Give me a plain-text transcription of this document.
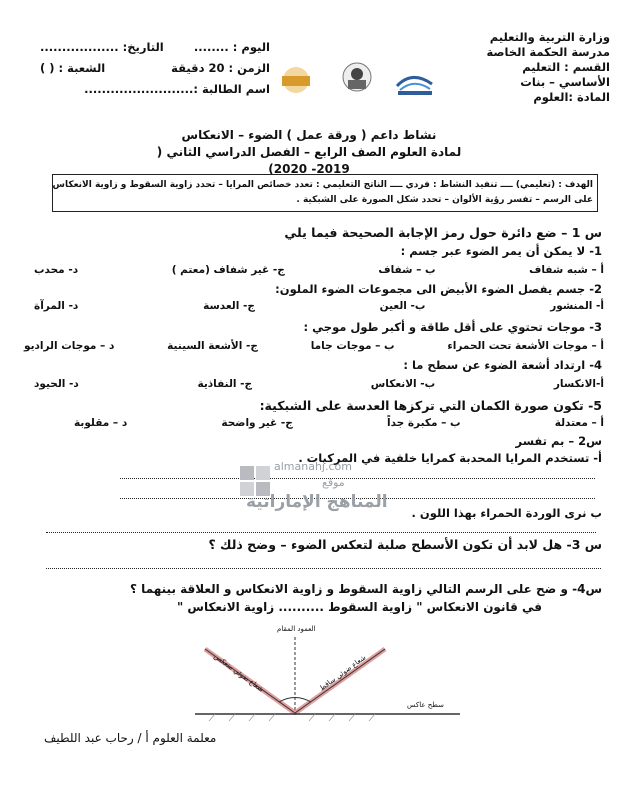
وزارة التربية والتعليم
مدرسة الحكمة الخاصة
القسم : التعليم
الأساسي – بنات
المادة :العلوم
اليوم : ........
التاريخ: ..................
الزمن : 20 دقيقة
الشعبة : ( )
اسم الطالبة :.........................
نشاط داعم ( ورقة عمل ) الضوء – الانعكاس
لمادة العلوم الصف الرابع – الفصل الدراسي الثاني ( 2019- 2020)
الهدف : (تعليمي) ــــ تنفيذ النشاط : فردي ــــ الناتج التعليمي : تعدد خصائص المرايا – تحدد زاوية السقوط و زاوية الانعكاس
على الرسم – تفسر رؤية الألوان – تحدد شكل الصورة على الشبكية .
س 1 – ضع دائرة حول رمز الإجابة الصحيحة فيما يلي
1- لا يمكن أن يمر الضوء عبر جسم :
أ – شبه شفاف
ب – شفاف
ج- غير شفاف (معتم )
د- محدب
2- جسم يفصل الضوء الأبيض الى مجموعات الضوء الملون:
أ- المنشور
ب- العين
ج- العدسة
د- المرآة
3- موجات تحتوي على أقل طاقة و أكبر طول موجي :
أ – موجات الأشعة تحت الحمراء
ب – موجات جاما
ج- الأشعة السينية
د – موجات الراديو
4- ارتداد أشعة الضوء عن سطح ما :
أ-الانكسار
ب- الانعكاس
ج- النفاذية
د- الحيود
5- تكون صورة الكمان التي تركزها العدسة على الشبكية:
أ – معتدلة
ب – مكبرة جداً
ج- غير واضحة
د – مقلوبة
س2 – بم تفسر
أ- تستخدم المرايا المحدبة كمرايا خلفية في المركبات .
almanahj.com
موقع
المناهج الإماراتية
ب نرى الوردة الحمراء بهذا اللون .
س 3- هل لابد أن تكون الأسطح صلبة لتعكس الضوء – وضح ذلك ؟
س4- و ضح على الرسم التالي زاوية السقوط و زاوية الانعكاس و العلاقة بينهما ؟
في قانون الانعكاس " زاوية السقوط .......... زاوية الانعكاس "
العمود المقام
شعاع ضوئي ساقط
شعاع ضوئي منعكس
سطح عاكس
معلمة العلوم أ / رحاب عبد اللطيف
